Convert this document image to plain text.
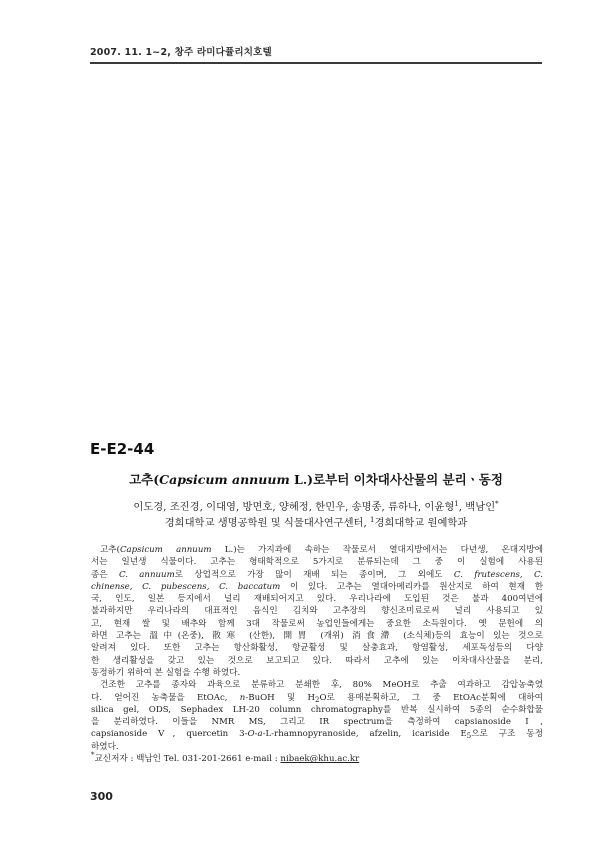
2007. 11. 1~2, 창주 라미다퓰리치호텔
E-E2-44
고추(Capsicum annuum L.)로부터 이차대사산물의 분리ㆍ동정
이도경, 조진경, 이대영, 방면호, 양혜정, 한민우, 송명종, 류하나, 이윤형$^1$, 백남인*
경희대학교 생명공학원 및 식물대사연구센터, $^1$경희대학교 원예학과
고추(Capsicum annuum L.)는 가지과에 속하는 작물로서 열대지방에서는 다년생, 온대지방에
서는 일년생 식물이다. 고추는 형태학적으로 5가지로 분류되는데 그 중 이 실험에 사용된
종은 C. annuum로 상업적으로 가장 많이 재배 되는 종이며, 그 외에도 C. frutescens, C.
chinense, C. pubescens, C. baccatum 이 있다. 고추는 열대아메리카를 원산지로 하여 현재 한
국, 인도, 일본 등지에서 널리 재배되어지고 있다. 우리나라에 도입된 것은 불과 400여년에
불과하지만 우리나라의 대표적인 음식인 김치와 고추장의 향신조미료로써 널리 사용되고 있
고, 현재 쌀 및 배추와 함께 3대 작물로써 농업인들에게는 중요한 소득원이다. 옛 문헌에 의
하면 고추는 溫中(온중), 散寒 (산한), 開胃 (개위) 消食滯 (소식체)등의 효능이 있는 것으로
알려져 있다. 또한 고추는 항산화활성, 항균활성 및 살충효과, 항염활성, 세포독성등의 다양
한 생리활성을 갖고 있는 것으로 보고되고 있다. 따라서 고추에 있는 이차대사산물을 분리,
동정하기 위하여 본 실험을 수행 하였다.
건조한 고추를 종자와 과육으로 분류하고 분쇄한 후, 80% MeOH로 추출 여과하고 감압농축였
다. 얻어진 농축물을 EtOAc, n-BuOH 및 $H_2O$로 용매분획하고, 그 중 EtOAc분획에 대하여
silica gel, ODS, Sephadex LH-20 column chromatography를 반복 실시하여 5종의 순수화합물
을 분리하였다. 이들을 NMR MS, 그리고 IR spectrum을 측정하여 capsianoside Ⅰ,
capsianoside Ⅴ, quercetin 3-O-a-L-rhamnopyranoside, afzelin, icariside $E_5$으로 구조 동정
하였다.
*교신저자 : 백남인 Tel. 031-201-2661 e-mail : nibaek@khu.ac.kr
300
